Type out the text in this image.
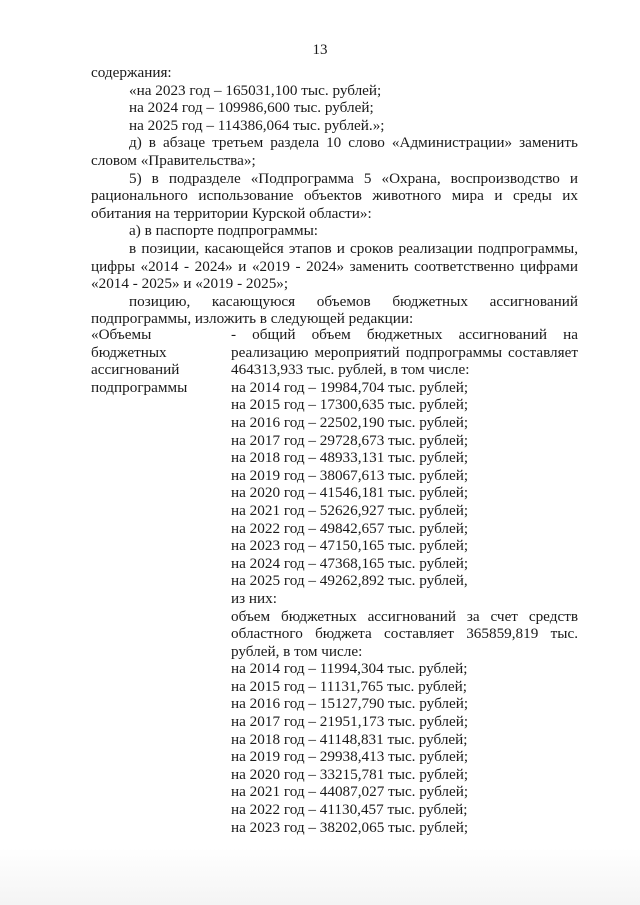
13
содержания:
«на 2023 год – 165031,100 тыс. рублей;
на 2024 год – 109986,600 тыс. рублей;
на 2025 год – 114386,064 тыс. рублей.»;
д) в абзаце третьем раздела 10 слово «Администрации» заменить
словом «Правительства»;
5) в подразделе «Подпрограмма 5 «Охрана, воспроизводство и
рационального использование объектов животного мира и среды их
обитания на территории Курской области»:
а) в паспорте подпрограммы:
в позиции, касающейся этапов и сроков реализации подпрограммы,
цифры «2014 - 2024» и «2019 - 2024» заменить соответственно цифрами
«2014 - 2025» и «2019 - 2025»;
позицию, касающуюся объемов бюджетных ассигнований
подпрограммы, изложить в следующей редакции:
«Объемы
бюджетных
ассигнований
подпрограммы
- общий объем бюджетных ассигнований на
реализацию мероприятий подпрограммы составляет
464313,933 тыс. рублей, в том числе:
на 2014 год – 19984,704 тыс. рублей;
на 2015 год – 17300,635 тыс. рублей;
на 2016 год – 22502,190 тыс. рублей;
на 2017 год – 29728,673 тыс. рублей;
на 2018 год – 48933,131 тыс. рублей;
на 2019 год – 38067,613 тыс. рублей;
на 2020 год – 41546,181 тыс. рублей;
на 2021 год – 52626,927 тыс. рублей;
на 2022 год – 49842,657 тыс. рублей;
на 2023 год – 47150,165 тыс. рублей;
на 2024 год – 47368,165 тыс. рублей;
на 2025 год – 49262,892 тыс. рублей,
из них:
объем бюджетных ассигнований за счет средств
областного бюджета составляет 365859,819 тыс.
рублей, в том числе:
на 2014 год – 11994,304 тыс. рублей;
на 2015 год – 11131,765 тыс. рублей;
на 2016 год – 15127,790 тыс. рублей;
на 2017 год – 21951,173 тыс. рублей;
на 2018 год – 41148,831 тыс. рублей;
на 2019 год – 29938,413 тыс. рублей;
на 2020 год – 33215,781 тыс. рублей;
на 2021 год – 44087,027 тыс. рублей;
на 2022 год – 41130,457 тыс. рублей;
на 2023 год – 38202,065 тыс. рублей;
